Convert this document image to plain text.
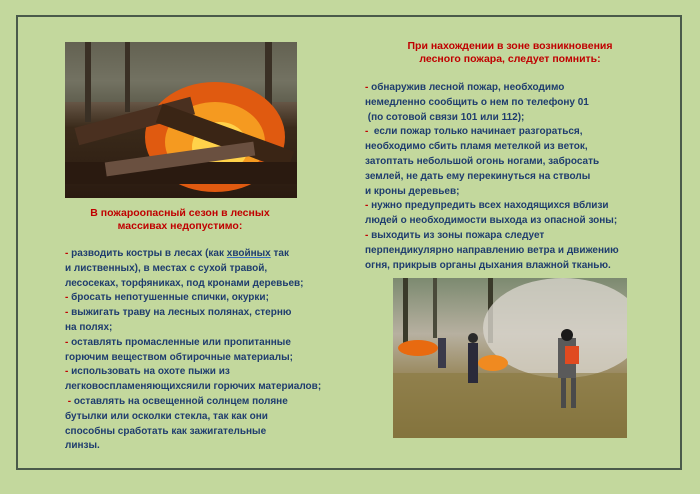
В пожароопасный сезон в лесных
массивах недопустимо:
- разводить костры в лесах (как хвойных так
и лиственных), в местах с сухой травой,
лесосеках, торфяниках, под кронами деревьев;
- бросать непотушенные спички, окурки;
- выжигать траву на лесных полянах, стерню
на полях;
- оставлять промасленные или пропитанные
горючим веществом обтирочные материалы;
- использовать на охоте пыжи из
легковоспламеняющихсяили горючих материалов;
- оставлять на освещенной солнцем поляне
бутылки или осколки стекла, так как они
способны сработать как зажигательные
линзы.
При нахождении в зоне возникновения
лесного пожара, следует помнить:
- обнаружив лесной пожар, необходимо
немедленно сообщить о нем по телефону 01
(по сотовой связи 101 или 112);
-  если пожар только начинает разгораться,
необходимо сбить пламя метелкой из веток,
затоптать небольшой огонь ногами, забросать
землей, не дать ему перекинуться на стволы
и кроны деревьев;
- нужно предупредить всех находящихся вблизи
людей о необходимости выхода из опасной зоны;
- выходить из зоны пожара следует
перпендикулярно направлению ветра и движению
огня, прикрыв органы дыхания влажной тканью.
